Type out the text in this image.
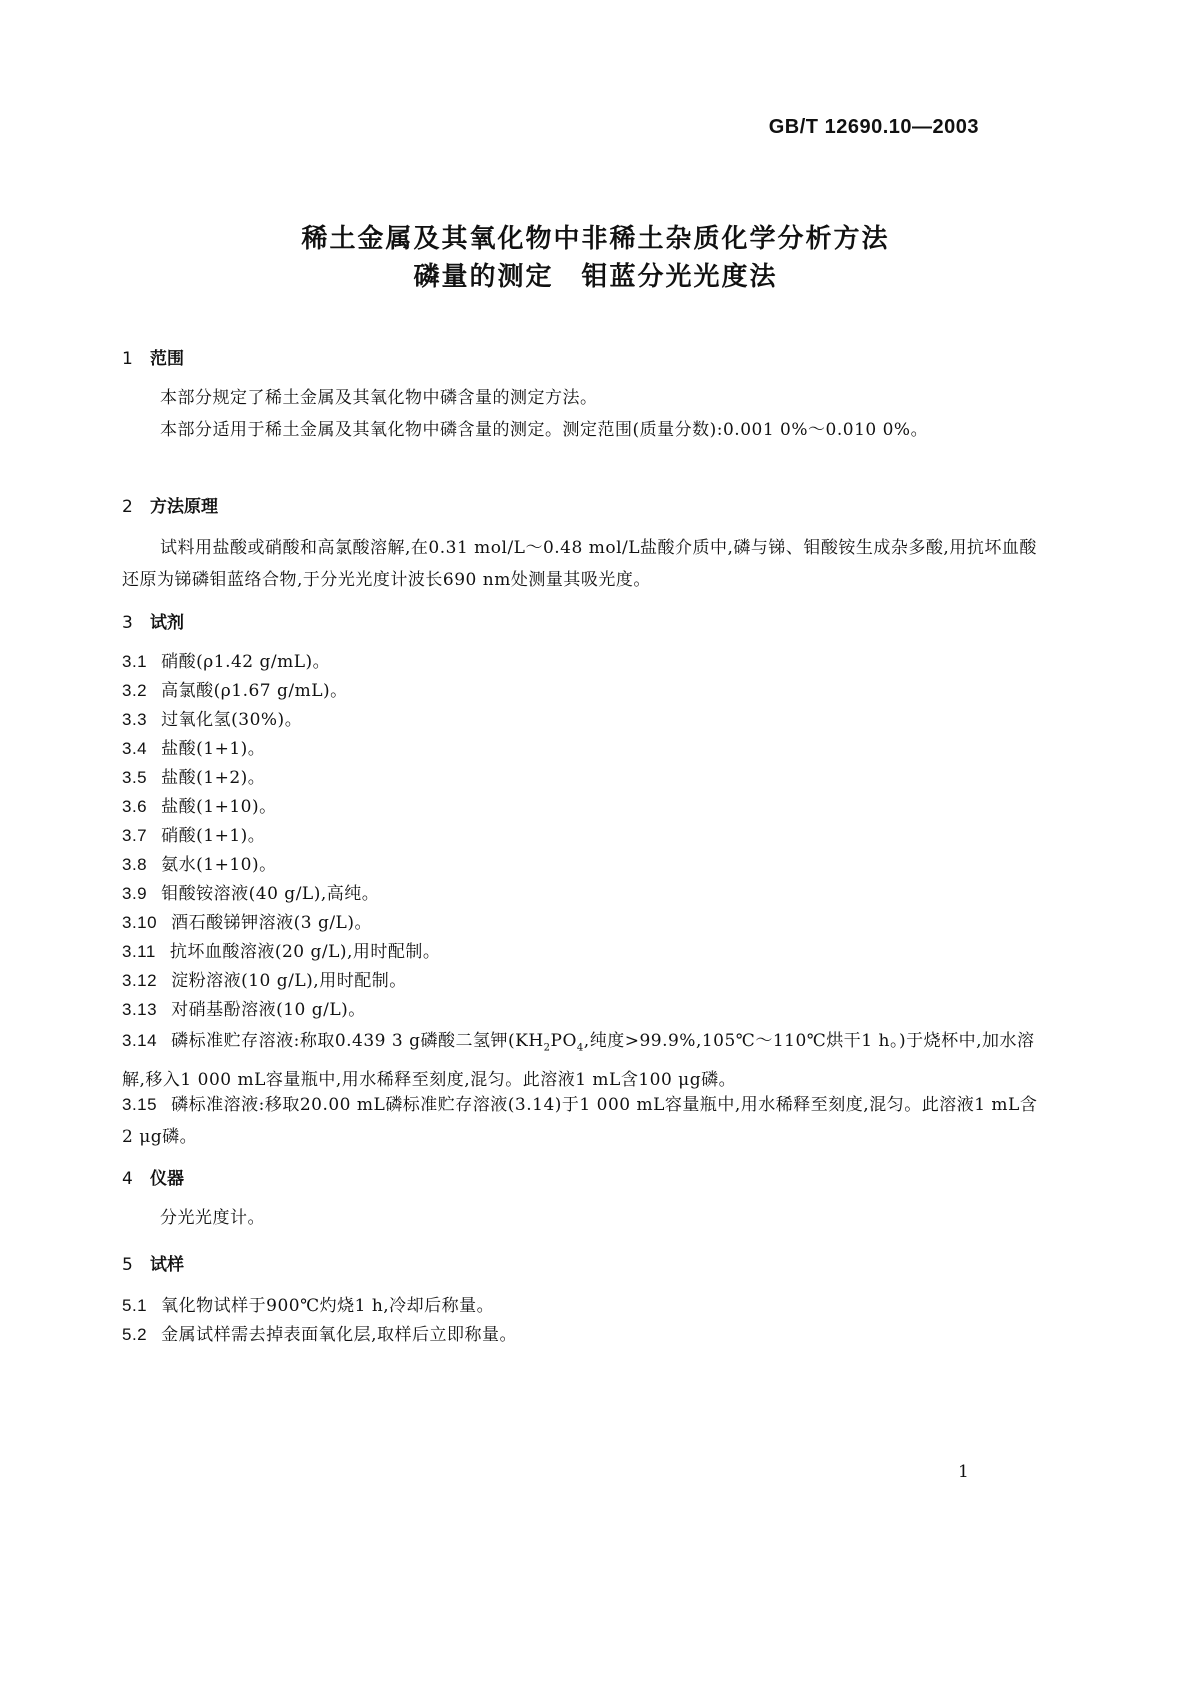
GB/T 12690.10—2003
稀土金属及其氧化物中非稀土杂质化学分析方法
磷量的测定　钼蓝分光光度法
1 范围
本部分规定了稀土金属及其氧化物中磷含量的测定方法。
本部分适用于稀土金属及其氧化物中磷含量的测定。测定范围(质量分数):0.001 0%～0.010 0%。
2 方法原理
试料用盐酸或硝酸和高氯酸溶解,在0.31 mol/L～0.48 mol/L盐酸介质中,磷与锑、钼酸铵生成杂多酸,用抗坏血酸还原为锑磷钼蓝络合物,于分光光度计波长690 nm处测量其吸光度。
3 试剂
3.1 硝酸(ρ1.42 g/mL)。
3.2 高氯酸(ρ1.67 g/mL)。
3.3 过氧化氢(30%)。
3.4 盐酸(1+1)。
3.5 盐酸(1+2)。
3.6 盐酸(1+10)。
3.7 硝酸(1+1)。
3.8 氨水(1+10)。
3.9 钼酸铵溶液(40 g/L),高纯。
3.10 酒石酸锑钾溶液(3 g/L)。
3.11 抗坏血酸溶液(20 g/L),用时配制。
3.12 淀粉溶液(10 g/L),用时配制。
3.13 对硝基酚溶液(10 g/L)。
3.14 磷标准贮存溶液:称取0.439 3 g磷酸二氢钾($KH_2PO_4$,纯度>99.9%,105℃～110℃烘干1 h。)于烧杯中,加水溶解,移入1 000 mL容量瓶中,用水稀释至刻度,混匀。此溶液1 mL含100 μg磷。
3.15 磷标准溶液:移取20.00 mL磷标准贮存溶液(3.14)于1 000 mL容量瓶中,用水稀释至刻度,混匀。此溶液1 mL含2 μg磷。
4 仪器
分光光度计。
5 试样
5.1 氧化物试样于900℃灼烧1 h,冷却后称量。
5.2 金属试样需去掉表面氧化层,取样后立即称量。
1
